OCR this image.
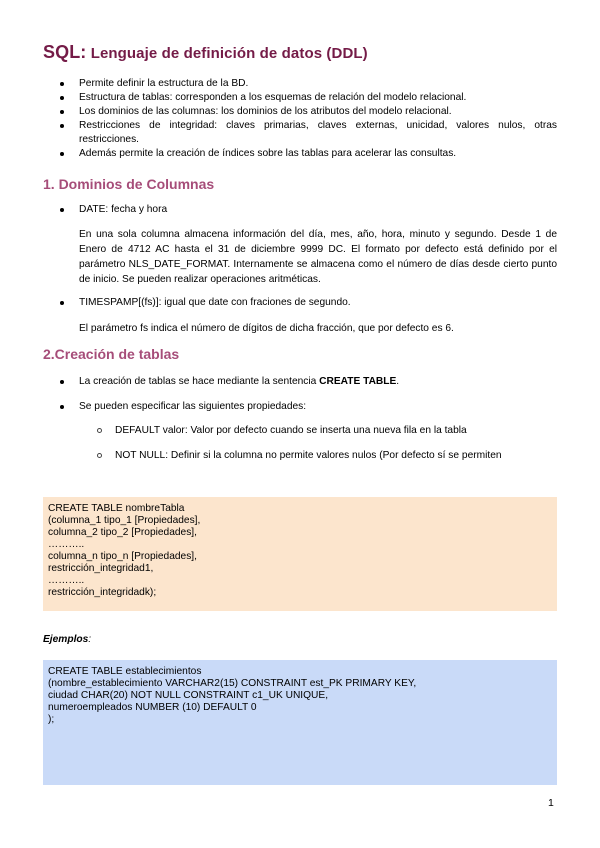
SQL: Lenguaje de definición de datos (DDL)
Permite definir la estructura de la BD.
Estructura de tablas: corresponden a los esquemas de relación del modelo relacional.
Los dominios de las columnas: los dominios de los atributos del modelo relacional.
Restricciones de integridad: claves primarias, claves externas, unicidad, valores nulos, otras restricciones.
Además permite la creación de índices sobre las tablas para acelerar las consultas.
1. Dominios de Columnas
DATE: fecha y hora

En una sola columna almacena información del día, mes, año, hora, minuto y segundo. Desde 1 de Enero de 4712 AC hasta el 31 de diciembre 9999 DC. El formato por defecto está definido por el parámetro NLS_DATE_FORMAT. Internamente se almacena como el número de días desde cierto punto de inicio. Se pueden realizar operaciones aritméticas.

TIMESPAMP[(fs)]: igual que date con fraciones de segundo.

El parámetro fs indica el número de dígitos de dicha fracción, que por defecto es 6.

2.Creación de tablas
La creación de tablas se hace mediante la sentencia CREATE TABLE.
Se pueden especificar las siguientes propiedades:
DEFAULT valor: Valor por defecto cuando se inserta una nueva fila en la tabla
NOT NULL: Definir si la columna no permite valores nulos (Por defecto sí se permiten
CREATE TABLE nombreTabla
(columna_1 tipo_1 [Propiedades],
columna_2 tipo_2 [Propiedades],
………..
columna_n tipo_n [Propiedades],
restricción_integridad1,
………..
restricción_integridadk);

Ejemplos:

CREATE TABLE establecimientos
(nombre_establecimiento VARCHAR2(15) CONSTRAINT est_PK PRIMARY KEY,
ciudad CHAR(20) NOT NULL CONSTRAINT c1_UK UNIQUE,
numeroempleados NUMBER (10) DEFAULT 0
);
1
